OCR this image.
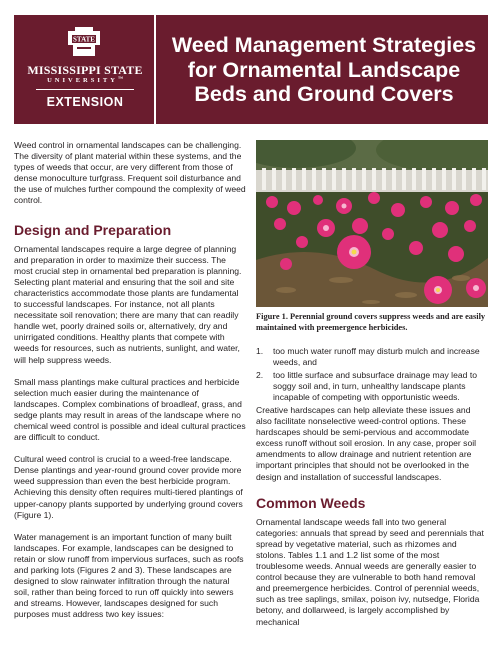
STATE
MISSISSIPPI STATE
UNIVERSITY™
EXTENSION
Weed Management Strategies
for Ornamental Landscape
Beds and Ground Covers

Weed control in ornamental landscapes can be challenging. The diversity of plant material within these systems, and the types of weeds that occur, are very different from those of dense monoculture turfgrass. Frequent soil disturbance and the use of mulches further compound the complexity of weed control.

Design and Preparation

Ornamental landscapes require a large degree of planning and preparation in order to maximize their success. The most crucial step in ornamental bed preparation is planning. Selecting plant material and ensuring that the soil and site characteristics accommodate those plants are fundamental to successful landscapes. For instance, not all plants necessitate soil renovation; there are many that can readily handle wet, poorly drained soils or, alternatively, dry and unirrigated conditions. Healthy plants that compete with weeds for resources, such as nutrients, sunlight, and water, will help suppress weeds.

Small mass plantings make cultural practices and herbicide selection much easier during the maintenance of landscapes. Complex combinations of broadleaf, grass, and sedge plants may result in areas of the landscape where no chemical weed control is possible and ideal cultural practices are difficult to conduct.

Cultural weed control is crucial to a weed-free landscape. Dense plantings and year-round ground cover provide more weed suppression than even the best herbicide program. Achieving this density often requires multi-tiered plantings of upper-canopy plants supported by underlying ground covers (Figure 1).

Water management is an important function of many built landscapes. For example, landscapes can be designed to retain or slow runoff from impervious surfaces, such as roofs and parking lots (Figures 2 and 3). These landscapes are designed to slow rainwater infiltration through the natural soil, rather than being forced to run off quickly into sewers and streams. However, landscapes designed for such purposes must address two key issues:

Figure 1. Perennial ground covers suppress weeds and are easily maintained with preemergence herbicides.
1. too much water runoff may disturb mulch and increase weeds, and
2. too little surface and subsurface drainage may lead to soggy soil and, in turn, unhealthy landscape plants incapable of competing with opportunistic weeds.

Creative hardscapes can help alleviate these issues and also facilitate nonselective weed-control options. These hardscapes should be semi-pervious and accommodate excess runoff without soil erosion. In any case, proper soil amendments to allow drainage and nutrient retention are important principles that should not be overlooked in the design and installation of successful landscapes.

Common Weeds

Ornamental landscape weeds fall into two general categories: annuals that spread by seed and perennials that spread by vegetative material, such as rhizomes and stolons. Tables 1.1 and 1.2 list some of the most troublesome weeds. Annual weeds are generally easier to control because they are vulnerable to both hand removal and preemergence herbicides. Control of perennial weeds, such as tree saplings, smilax, poison ivy, nutsedge, Florida betony, and dollarweed, is largely accomplished by mechanical
